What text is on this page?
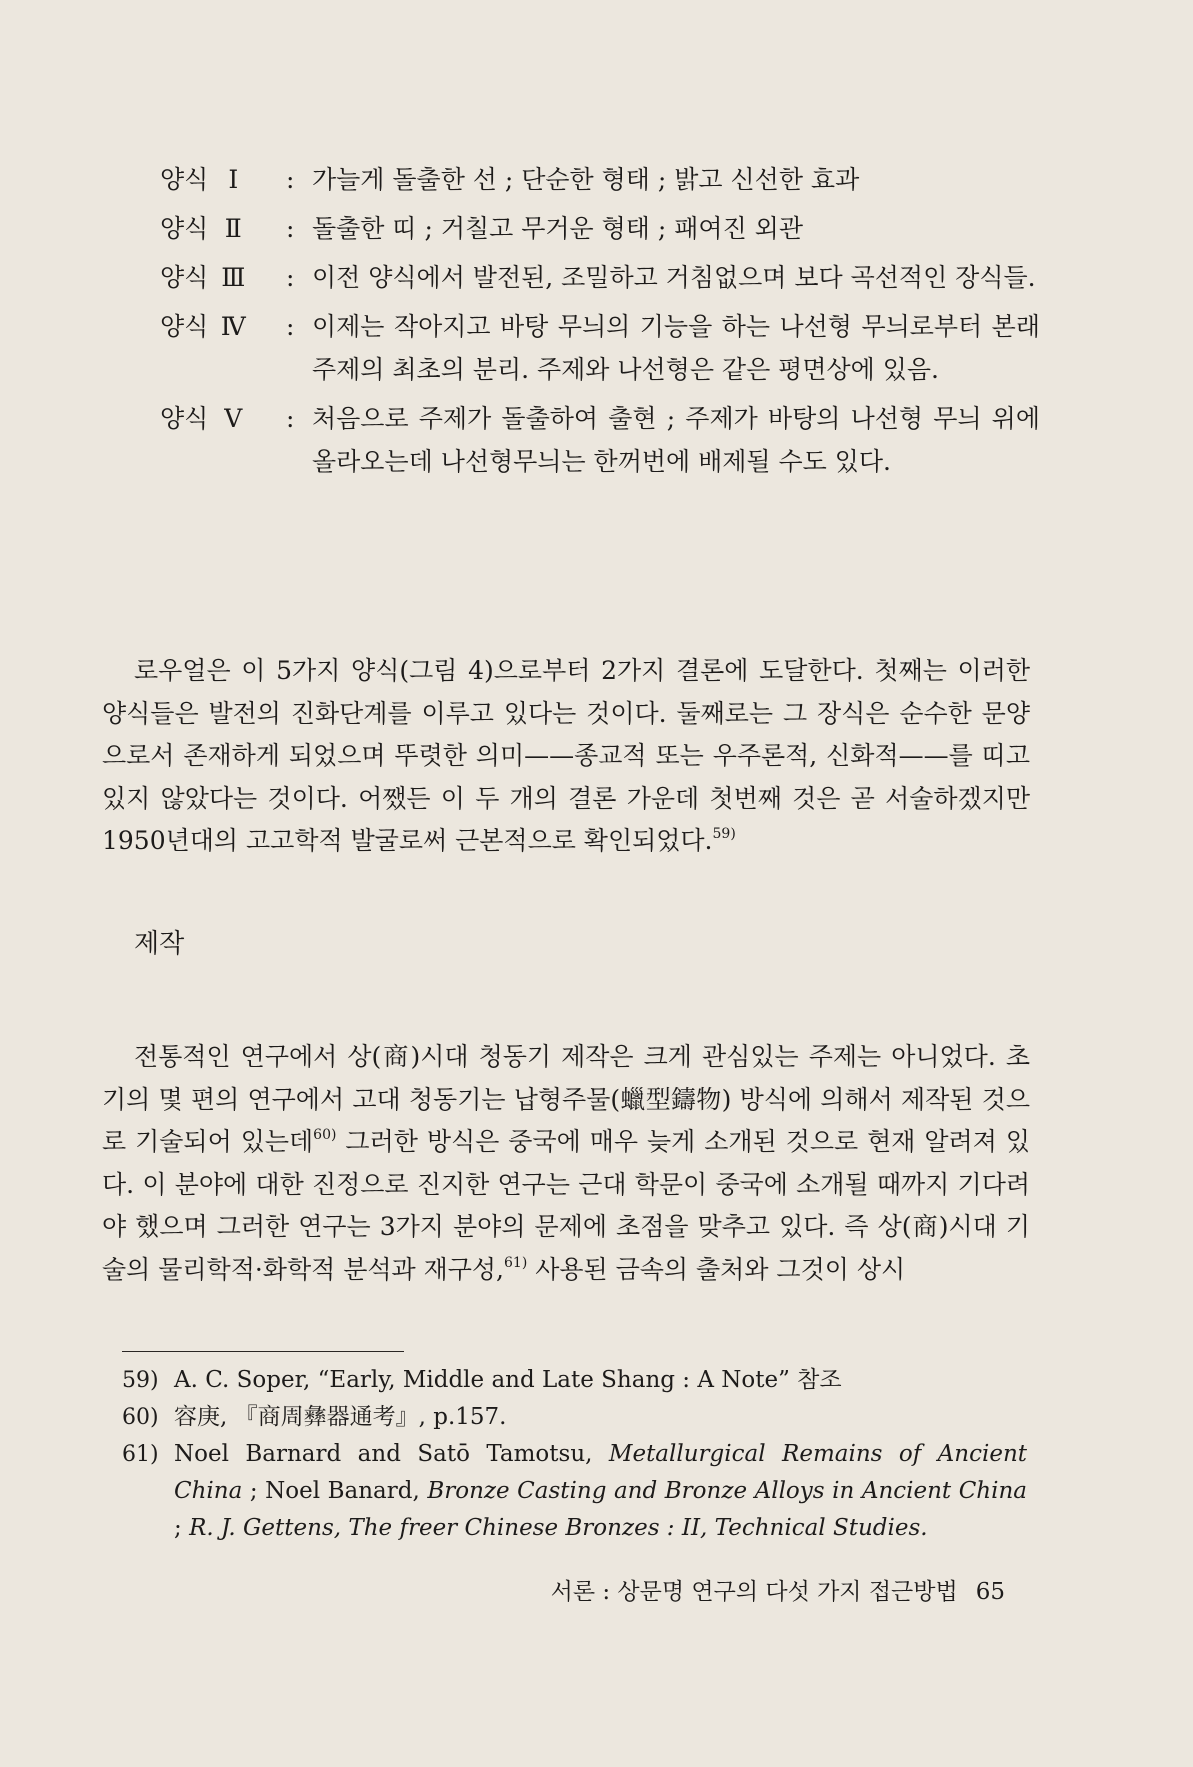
양식 Ⅰ	: 가늘게 돌출한 선 ; 단순한 형태 ; 밝고 신선한 효과
양식 Ⅱ	: 돌출한 띠 ; 거칠고 무거운 형태 ; 패여진 외관
양식 Ⅲ	: 이전 양식에서 발전된, 조밀하고 거침없으며 보다 곡선적인 장식들.
양식 Ⅳ	: 이제는 작아지고 바탕 무늬의 기능을 하는 나선형 무늬로부터 본래 주제의 최초의 분리. 주제와 나선형은 같은 평면상에 있음.
양식 Ⅴ	: 처음으로 주제가 돌출하여 출현 ; 주제가 바탕의 나선형 무늬 위에 올라오는데 나선형무늬는 한꺼번에 배제될 수도 있다.

로우얼은 이 5가지 양식(그림 4)으로부터 2가지 결론에 도달한다. 첫째는 이러한 양식들은 발전의 진화단계를 이루고 있다는 것이다. 둘째로는 그 장식은 순수한 문양으로서 존재하게 되었으며 뚜렷한 의미——종교적 또는 우주론적, 신화적——를 띠고 있지 않았다는 것이다. 어쨌든 이 두 개의 결론 가운데 첫번째 것은 곧 서술하겠지만 1950년대의 고고학적 발굴로써 근본적으로 확인되었다.$^{59)}$

제작

전통적인 연구에서 상(商)시대 청동기 제작은 크게 관심있는 주제는 아니었다. 초기의 몇 편의 연구에서 고대 청동기는 납형주물(蠟型鑄物) 방식에 의해서 제작된 것으로 기술되어 있는데$^{60)}$ 그러한 방식은 중국에 매우 늦게 소개된 것으로 현재 알려져 있다. 이 분야에 대한 진정으로 진지한 연구는 근대 학문이 중국에 소개될 때까지 기다려야 했으며 그러한 연구는 3가지 분야의 문제에 초점을 맞추고 있다. 즉 상(商)시대 기술의 물리학적·화학적 분석과 재구성,$^{61)}$ 사용된 금속의 출처와 그것이 상시

59) A. C. Soper, “Early, Middle and Late Shang : A Note” 참조
60) 容庚, 『商周彝器通考』, p.157.
61) Noel Barnard and Satō Tamotsu, Metallurgical Remains of Ancient China ; Noel Banard, Bronze Casting and Bronze Alloys in Ancient China ; R. J. Gettens, The freer Chinese Bronzes : II, Technical Studies.
서론 : 상문명 연구의 다섯 가지 접근방법 65
